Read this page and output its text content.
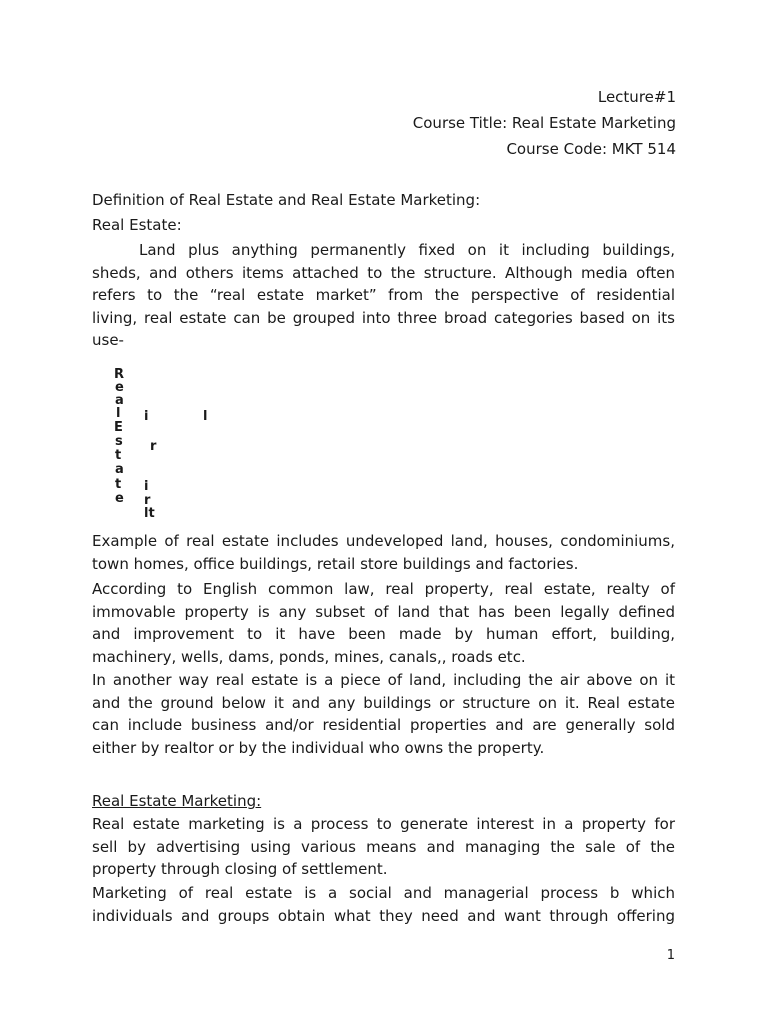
Lecture#1
Course Title: Real Estate Marketing
Course Code: MKT 514
Definition of Real Estate and Real Estate Marketing:
Real Estate:
Land plus anything permanently fixed on it including buildings,
sheds, and others items attached to the structure. Although media often
refers to the “real estate market” from the perspective of residential
living, real estate can be grouped into three broad categories based on its
use-
R
e
a
l
E
s
t
a
t
e
i	l
r
i
r
lt
Example of real estate includes undeveloped land, houses, condominiums,
town homes, office buildings, retail store buildings and factories.
According to English common law, real property, real estate, realty of
immovable property is any subset of land that has been legally defined
and improvement to it have been made by human effort, building,
machinery, wells, dams, ponds, mines, canals,, roads etc.
In another way real estate is a piece of land, including the air above on it
and the ground below it and any buildings or structure on it. Real estate
can include business and/or residential properties and are generally sold
either by realtor or by the individual who owns the property.
Real Estate Marketing:
Real estate marketing is a process to generate interest in a property for
sell by advertising using various means and managing the sale of the
property through closing of settlement.
Marketing of real estate is a social and managerial process b which
individuals and groups obtain what they need and want through offering
1
